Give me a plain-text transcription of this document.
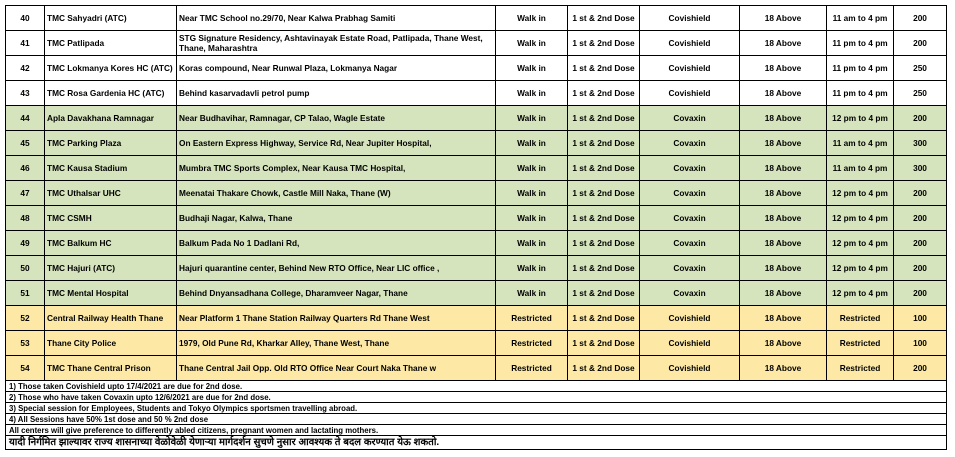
40	TMC Sahyadri (ATC)	Near TMC School no.29/70, Near Kalwa Prabhag Samiti	Walk in	1 st & 2nd Dose	Covishield	18 Above	11 am to 4 pm	200
41	TMC Patlipada	STG Signature Residency, Ashtavinayak Estate Road, Patlipada, Thane West, Thane, Maharashtra	Walk in	1 st & 2nd Dose	Covishield	18 Above	11 pm to 4 pm	200
42	TMC Lokmanya Kores HC (ATC)	Koras compound, Near Runwal Plaza, Lokmanya Nagar	Walk in	1 st & 2nd Dose	Covishield	18 Above	11 pm to 4 pm	250
43	TMC Rosa Gardenia HC (ATC)	Behind kasarvadavli petrol pump	Walk in	1 st & 2nd Dose	Covishield	18 Above	11 pm to 4 pm	250
44	Apla Davakhana Ramnagar	Near Budhavihar, Ramnagar, CP Talao, Wagle Estate	Walk in	1 st & 2nd Dose	Covaxin	18 Above	12 pm to 4 pm	200
45	TMC Parking Plaza	On Eastern Express Highway, Service Rd, Near Jupiter Hospital,	Walk in	1 st & 2nd Dose	Covaxin	18 Above	11 am to 4 pm	300
46	TMC Kausa Stadium	Mumbra TMC Sports Complex, Near Kausa TMC Hospital,	Walk in	1 st & 2nd Dose	Covaxin	18 Above	11 am to 4 pm	300
47	TMC Uthalsar UHC	Meenatai Thakare Chowk, Castle Mill Naka, Thane (W)	Walk in	1 st & 2nd Dose	Covaxin	18 Above	12 pm to 4 pm	200
48	TMC CSMH	Budhaji Nagar, Kalwa, Thane	Walk in	1 st & 2nd Dose	Covaxin	18 Above	12 pm to 4 pm	200
49	TMC Balkum HC	Balkum Pada No 1 Dadlani Rd,	Walk in	1 st & 2nd Dose	Covaxin	18 Above	12 pm to 4 pm	200
50	TMC Hajuri (ATC)	Hajuri quarantine center, Behind New RTO Office, Near LIC office ,	Walk in	1 st & 2nd Dose	Covaxin	18 Above	12 pm to 4 pm	200
51	TMC Mental Hospital	Behind Dnyansadhana College, Dharamveer Nagar, Thane	Walk in	1 st & 2nd Dose	Covaxin	18 Above	12 pm to 4 pm	200
52	Central Railway Health Thane	Near Platform 1 Thane Station Railway Quarters Rd Thane West	Restricted	1 st & 2nd Dose	Covishield	18 Above	Restricted	100
53	Thane City Police	1979, Old Pune Rd, Kharkar Alley, Thane West, Thane	Restricted	1 st & 2nd Dose	Covishield	18 Above	Restricted	100
54	TMC Thane Central Prison	Thane Central Jail Opp. Old RTO Office Near Court Naka Thane w	Restricted	1 st & 2nd Dose	Covishield	18 Above	Restricted	200
1) Those taken Covishield upto 17/4/2021 are due for 2nd dose.								
2) Those who have taken Covaxin upto 12/6/2021 are due for 2nd dose.								
3) Special session for Employees, Students and Tokyo Olympics sportsmen travelling abroad.								
4) All Sessions have 50% 1st dose and 50 % 2nd dose								
All centers will give preference to differently abled citizens, pregnant women and lactating mothers.								
यादी निर्गमित झाल्यावर राज्य शासनाच्या वेळोवेळी येणाऱ्या मार्गदर्शन सुचणे नुसार आवश्यक ते बदल करण्यात येऊ शकतो.								
